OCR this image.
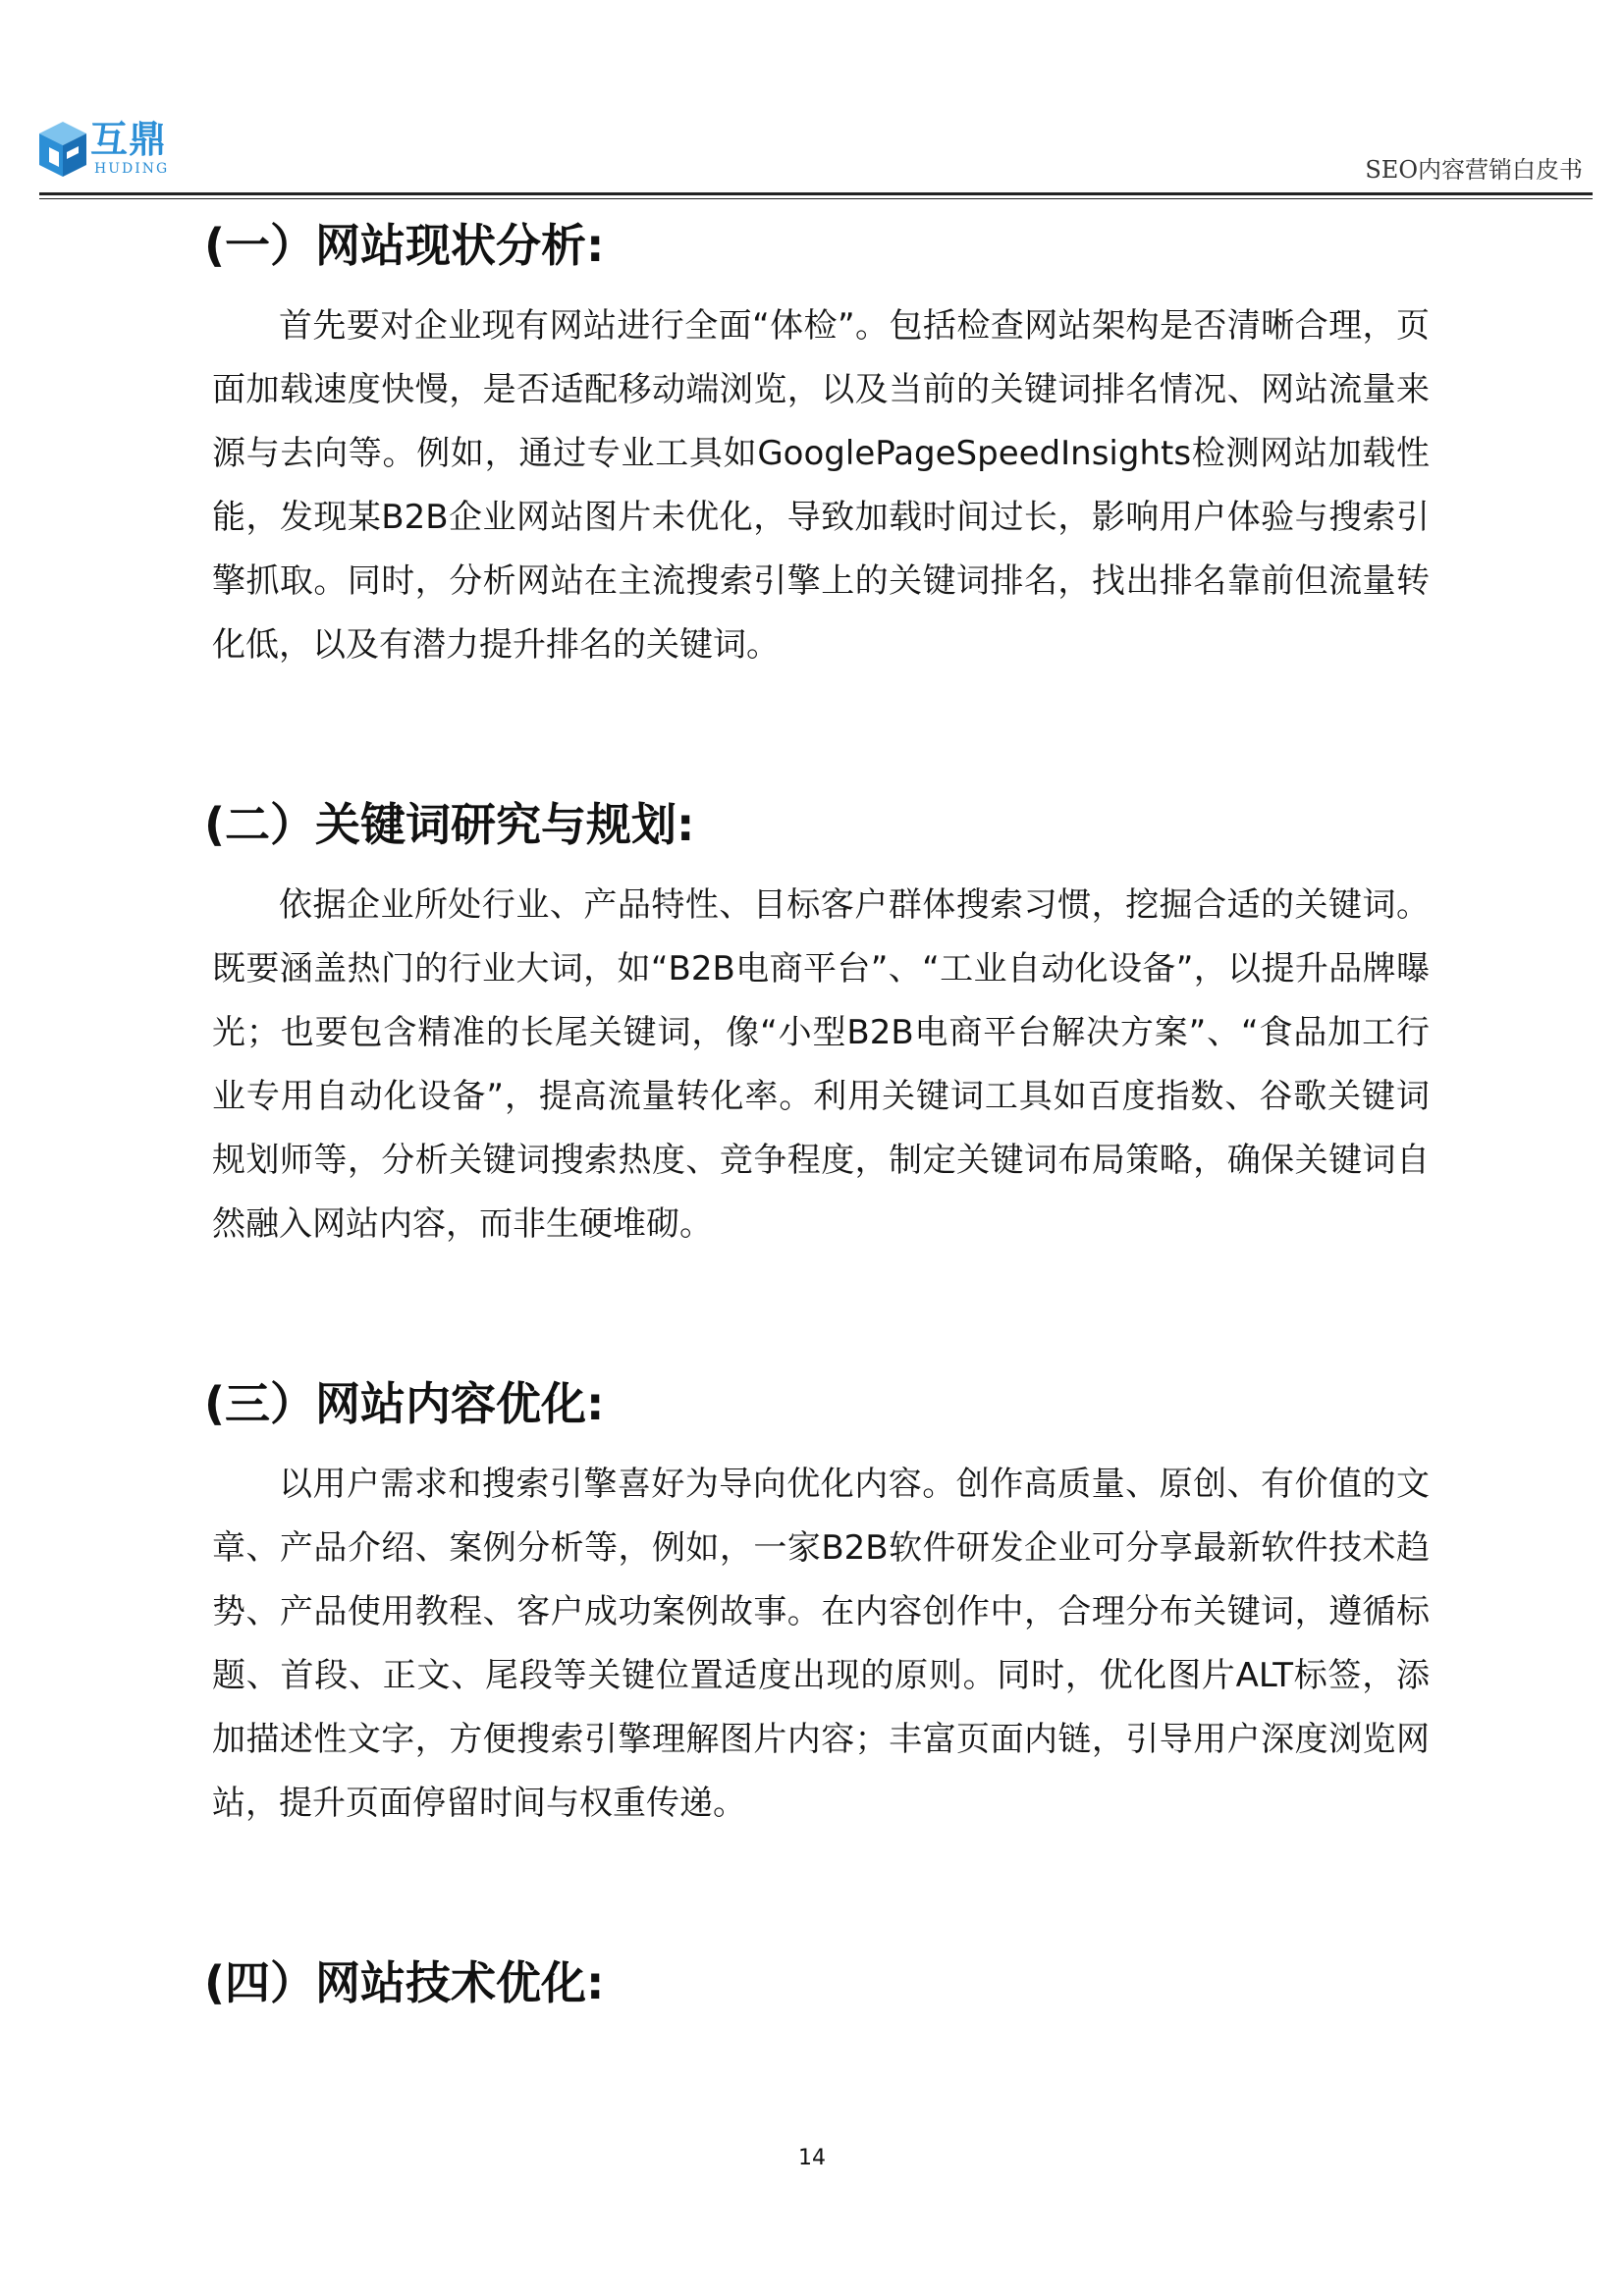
互鼎
HUDING	SEO内容营销白皮书
(一）网站现状分析:

首先要对企业现有网站进行全面“体检”。包括检查网站架构是否清晰合理，页面加载速度快慢，是否适配移动端浏览，以及当前的关键词排名情况、网站流量来源与去向等。例如，通过专业工具如GooglePageSpeedInsights检测网站加载性能，发现某B2B企业网站图片未优化，导致加载时间过长，影响用户体验与搜索引擎抓取。同时，分析网站在主流搜索引擎上的关键词排名，找出排名靠前但流量转化低，以及有潜力提升排名的关键词。

(二）关键词研究与规划:

依据企业所处行业、产品特性、目标客户群体搜索习惯，挖掘合适的关键词。既要涵盖热门的行业大词，如“B2B电商平台”、“工业自动化设备”，以提升品牌曝光；也要包含精准的长尾关键词，像“小型B2B电商平台解决方案”、“食品加工行业专用自动化设备”，提高流量转化率。利用关键词工具如百度指数、谷歌关键词规划师等，分析关键词搜索热度、竞争程度，制定关键词布局策略，确保关键词自然融入网站内容，而非生硬堆砌。

(三）网站内容优化:

以用户需求和搜索引擎喜好为导向优化内容。创作高质量、原创、有价值的文章、产品介绍、案例分析等，例如，一家B2B软件研发企业可分享最新软件技术趋势、产品使用教程、客户成功案例故事。在内容创作中，合理分布关键词，遵循标题、首段、正文、尾段等关键位置适度出现的原则。同时，优化图片ALT标签，添加描述性文字，方便搜索引擎理解图片内容；丰富页面内链，引导用户深度浏览网站，提升页面停留时间与权重传递。

(四）网站技术优化:
14
